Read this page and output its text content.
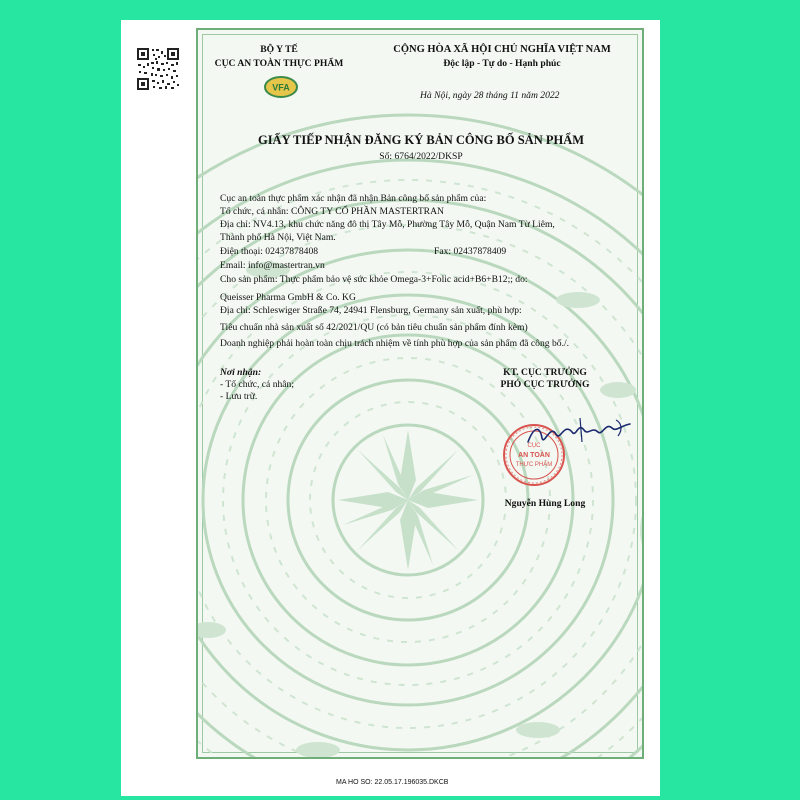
VFA
BỘ Y TẾ
CỤC AN TOÀN THỰC PHẨM
CỘNG HÒA XÃ HỘI CHỦ NGHĨA VIỆT NAM
Độc lập - Tự do - Hạnh phúc
Hà Nội, ngày 28 tháng 11 năm 2022
GIẤY TIẾP NHẬN ĐĂNG KÝ BẢN CÔNG BỐ SẢN PHẨM
Số: 6764/2022/DKSP
Cục an toàn thực phẩm xác nhận đã nhận Bản công bố sản phẩm của:
Tổ chức, cá nhân: CÔNG TY CỔ PHẦN MASTERTRAN
Địa chỉ: NV4.13, khu chức năng đô thị Tây Mỗ, Phường Tây Mỗ, Quận Nam Từ Liêm,
Thành phố Hà Nội, Việt Nam.
Điện thoại: 02437878408	Fax: 02437878409
Email: info@mastertran.vn
Cho sản phẩm: Thực phẩm bảo vệ sức khỏe Omega-3+Folic acid+B6+B12;; do:
Queisser Pharma GmbH & Co. KG
Địa chỉ: Schleswiger Straße 74, 24941 Flensburg, Germany sản xuất, phù hợp:
Tiêu chuẩn nhà sản xuất số 42/2021/QU (có bản tiêu chuẩn sản phẩm đính kèm)
Doanh nghiệp phải hoàn toàn chịu trách nhiệm về tính phù hợp của sản phẩm đã công bố./.
Nơi nhận:
- Tổ chức, cá nhân;
- Lưu trữ.
KT. CỤC TRƯỞNG
PHÓ CỤC TRƯỞNG
CỤC
AN TOÀN
THỰC PHẨM
Nguyễn Hùng Long
MA HO SO: 22.05.17.196035.DKCB
